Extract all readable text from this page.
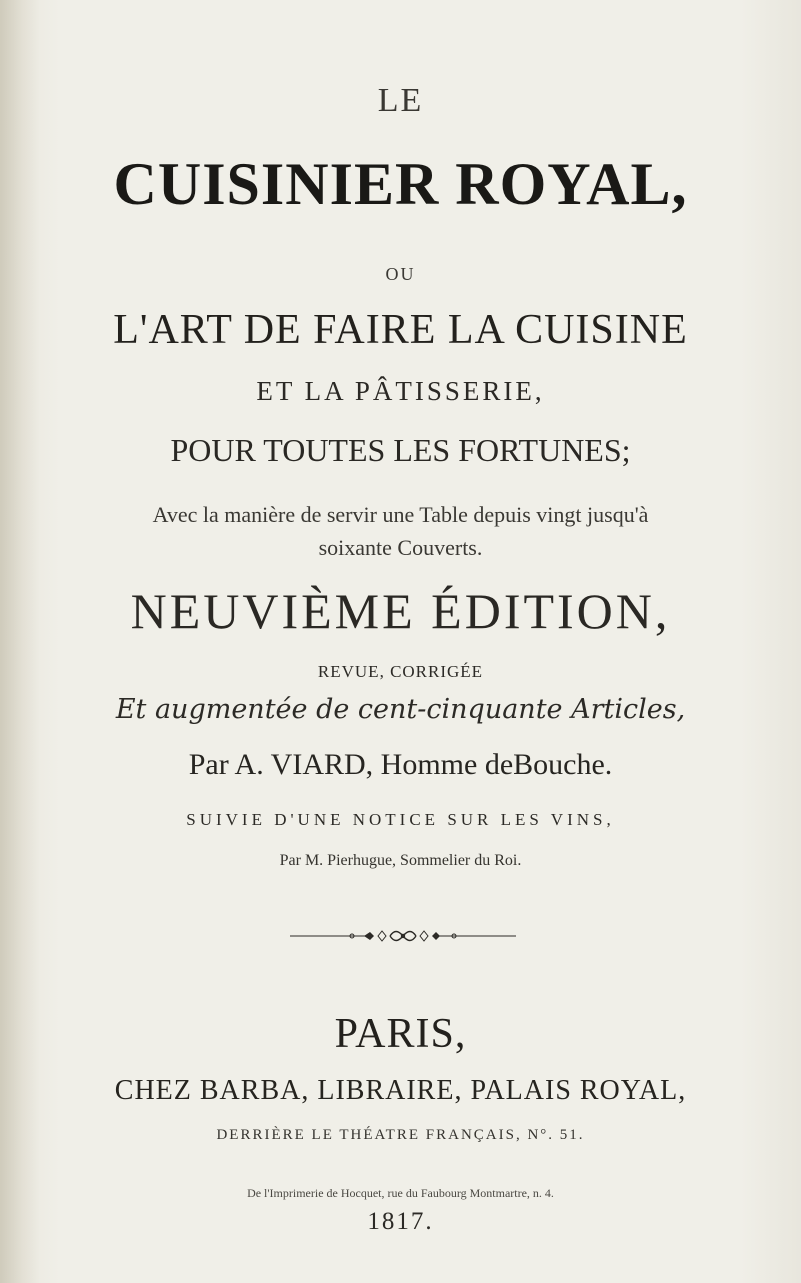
LE
CUISINIER ROYAL,
OU
L'ART DE FAIRE LA CUISINE
ET LA PÂTISSERIE,
POUR TOUTES LES FORTUNES;
Avec la manière de servir une Table depuis vingt jusqu'à
soixante Couverts.
NEUVIÈME ÉDITION,
REVUE, CORRIGÉE
Et augmentée de cent-cinquante Articles,
Par A. VIARD, Homme deBouche.
SUIVIE D'UNE NOTICE SUR LES VINS,
Par M. Pierhugue, Sommelier du Roi.
PARIS,
CHEZ BARBA, LIBRAIRE, PALAIS ROYAL,
DERRIÈRE LE THÉATRE FRANÇAIS, N°. 51.
De l'Imprimerie de Hocquet, rue du Faubourg Montmartre, n. 4.
1817.
